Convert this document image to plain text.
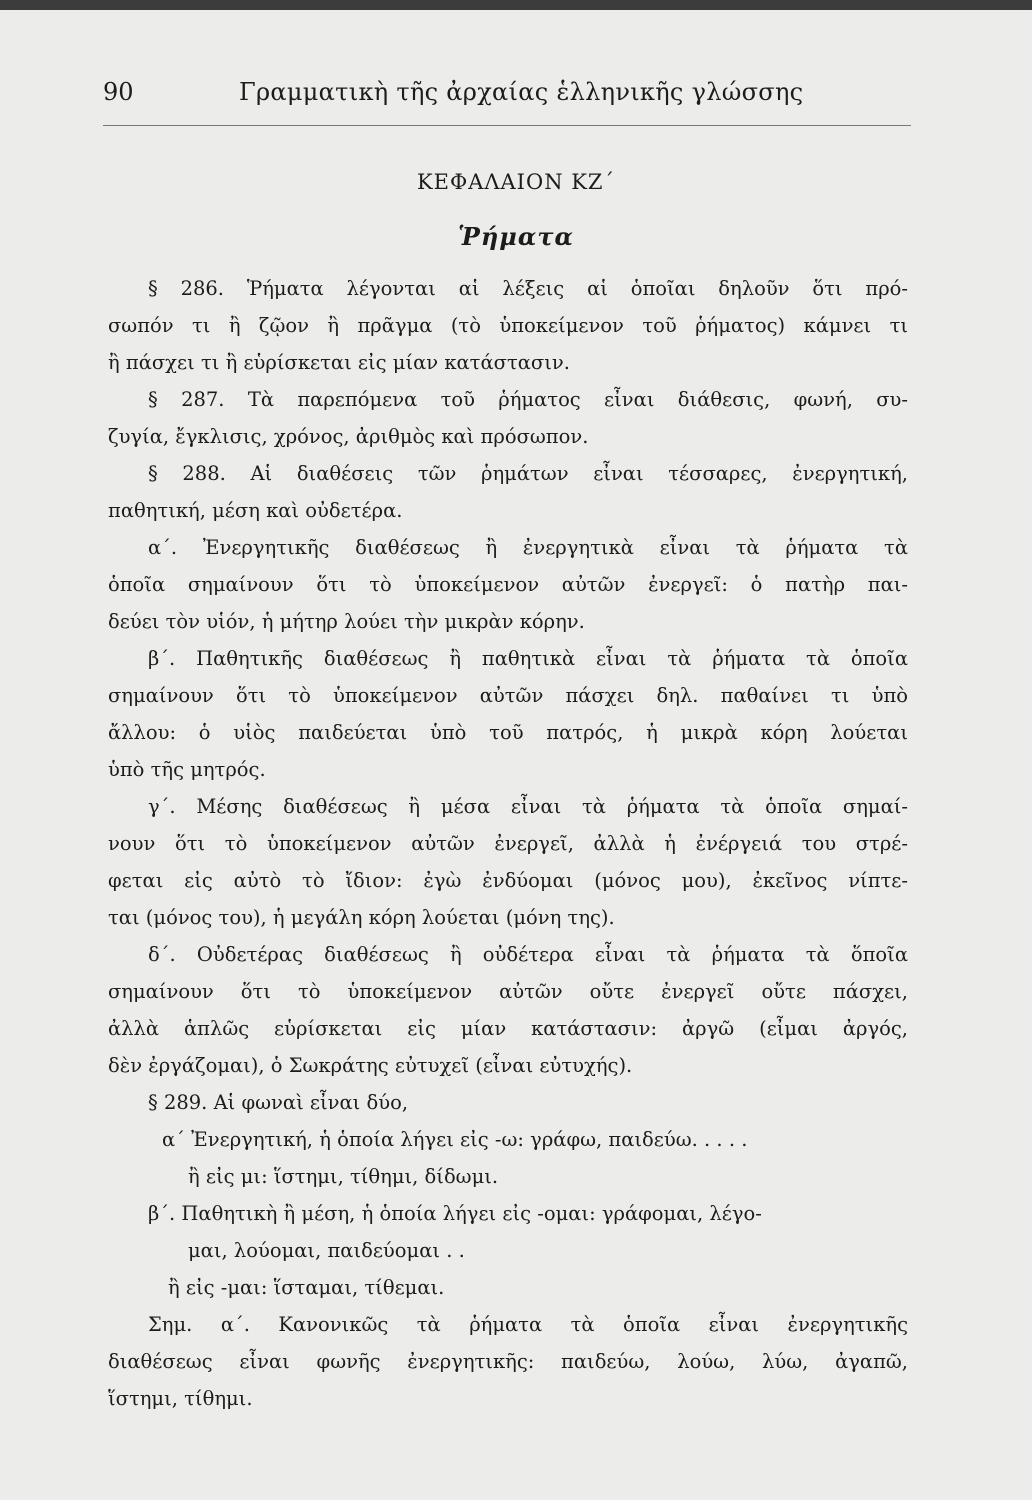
90	Γραμματικὴ τῆς ἀρχαίας ἑλληνικῆς γλώσσης
ΚΕΦΑΛΑΙΟΝ ΚΖ΄
Ῥήματα
§ 286. Ῥήματα λέγονται αἱ λέξεις αἱ ὁποῖαι δηλοῦν ὅτι πρό-
σωπόν τι ἢ ζῷον ἢ πρᾶγμα (τὸ ὑποκείμενον τοῦ ῥήματος) κάμνει τι
ἢ πάσχει τι ἢ εὑρίσκεται εἰς μίαν κατάστασιν.
§ 287. Τὰ παρεπόμενα τοῦ ῥήματος εἶναι διάθεσις, φωνή, συ-
ζυγία, ἔγκλισις, χρόνος, ἀριθμὸς καὶ πρόσωπον.
§ 288. Αἱ διαθέσεις τῶν ῥημάτων εἶναι τέσσαρες, ἐνεργητική,
παθητική, μέση καὶ οὐδετέρα.
α΄. Ἐνεργητικῆς διαθέσεως ἢ ἐνεργητικὰ εἶναι τὰ ῥήματα τὰ
ὁποῖα σημαίνουν ὅτι τὸ ὑποκείμενον αὐτῶν ἐνεργεῖ: ὁ πατὴρ παι-
δεύει τὸν υἱόν, ἡ μήτηρ λούει τὴν μικρὰν κόρην.
β΄. Παθητικῆς διαθέσεως ἢ παθητικὰ εἶναι τὰ ῥήματα τὰ ὁποῖα
σημαίνουν ὅτι τὸ ὑποκείμενον αὐτῶν πάσχει δηλ. παθαίνει τι ὑπὸ
ἄλλου: ὁ υἱὸς παιδεύεται ὑπὸ τοῦ πατρός, ἡ μικρὰ κόρη λούεται
ὑπὸ τῆς μητρός.
γ΄. Μέσης διαθέσεως ἢ μέσα εἶναι τὰ ῥήματα τὰ ὁποῖα σημαί-
νουν ὅτι τὸ ὑποκείμενον αὐτῶν ἐνεργεῖ, ἀλλὰ ἡ ἐνέργειά του στρέ-
φεται εἰς αὐτὸ τὸ ἴδιον: ἐγὼ ἐνδύομαι (μόνος μου), ἐκεῖνος νίπτε-
ται (μόνος του), ἡ μεγάλη κόρη λούεται (μόνη της).
δ΄. Οὐδετέρας διαθέσεως ἢ οὐδέτερα εἶναι τὰ ῥήματα τὰ ὅποῖα
σημαίνουν ὅτι τὸ ὑποκείμενον αὐτῶν οὔτε ἐνεργεῖ οὔτε πάσχει,
ἀλλὰ ἁπλῶς εὑρίσκεται εἰς μίαν κατάστασιν: ἀργῶ (εἶμαι ἀργός,
δὲν ἐργάζομαι), ὁ Σωκράτης εὐτυχεῖ (εἶναι εὐτυχής).
§ 289. Αἱ φωναὶ εἶναι δύο,
α΄ Ἐνεργητική, ἡ ὁποία λήγει εἰς -ω: γράφω, παιδεύω. . . . .
ἢ εἰς μι: ἵστημι, τίθημι, δίδωμι.
β΄. Παθητικὴ ἢ μέση, ἡ ὁποία λήγει εἰς -ομαι: γράφομαι, λέγο-
μαι, λούομαι, παιδεύομαι . .
ἢ εἰς -μαι: ἵσταμαι, τίθεμαι.
Σημ. α΄. Κανονικῶς τὰ ῥήματα τὰ ὁποῖα εἶναι ἐνεργητικῆς
διαθέσεως εἶναι φωνῆς ἐνεργητικῆς: παιδεύω, λούω, λύω, ἀγαπῶ,
ἵστημι, τίθημι.
